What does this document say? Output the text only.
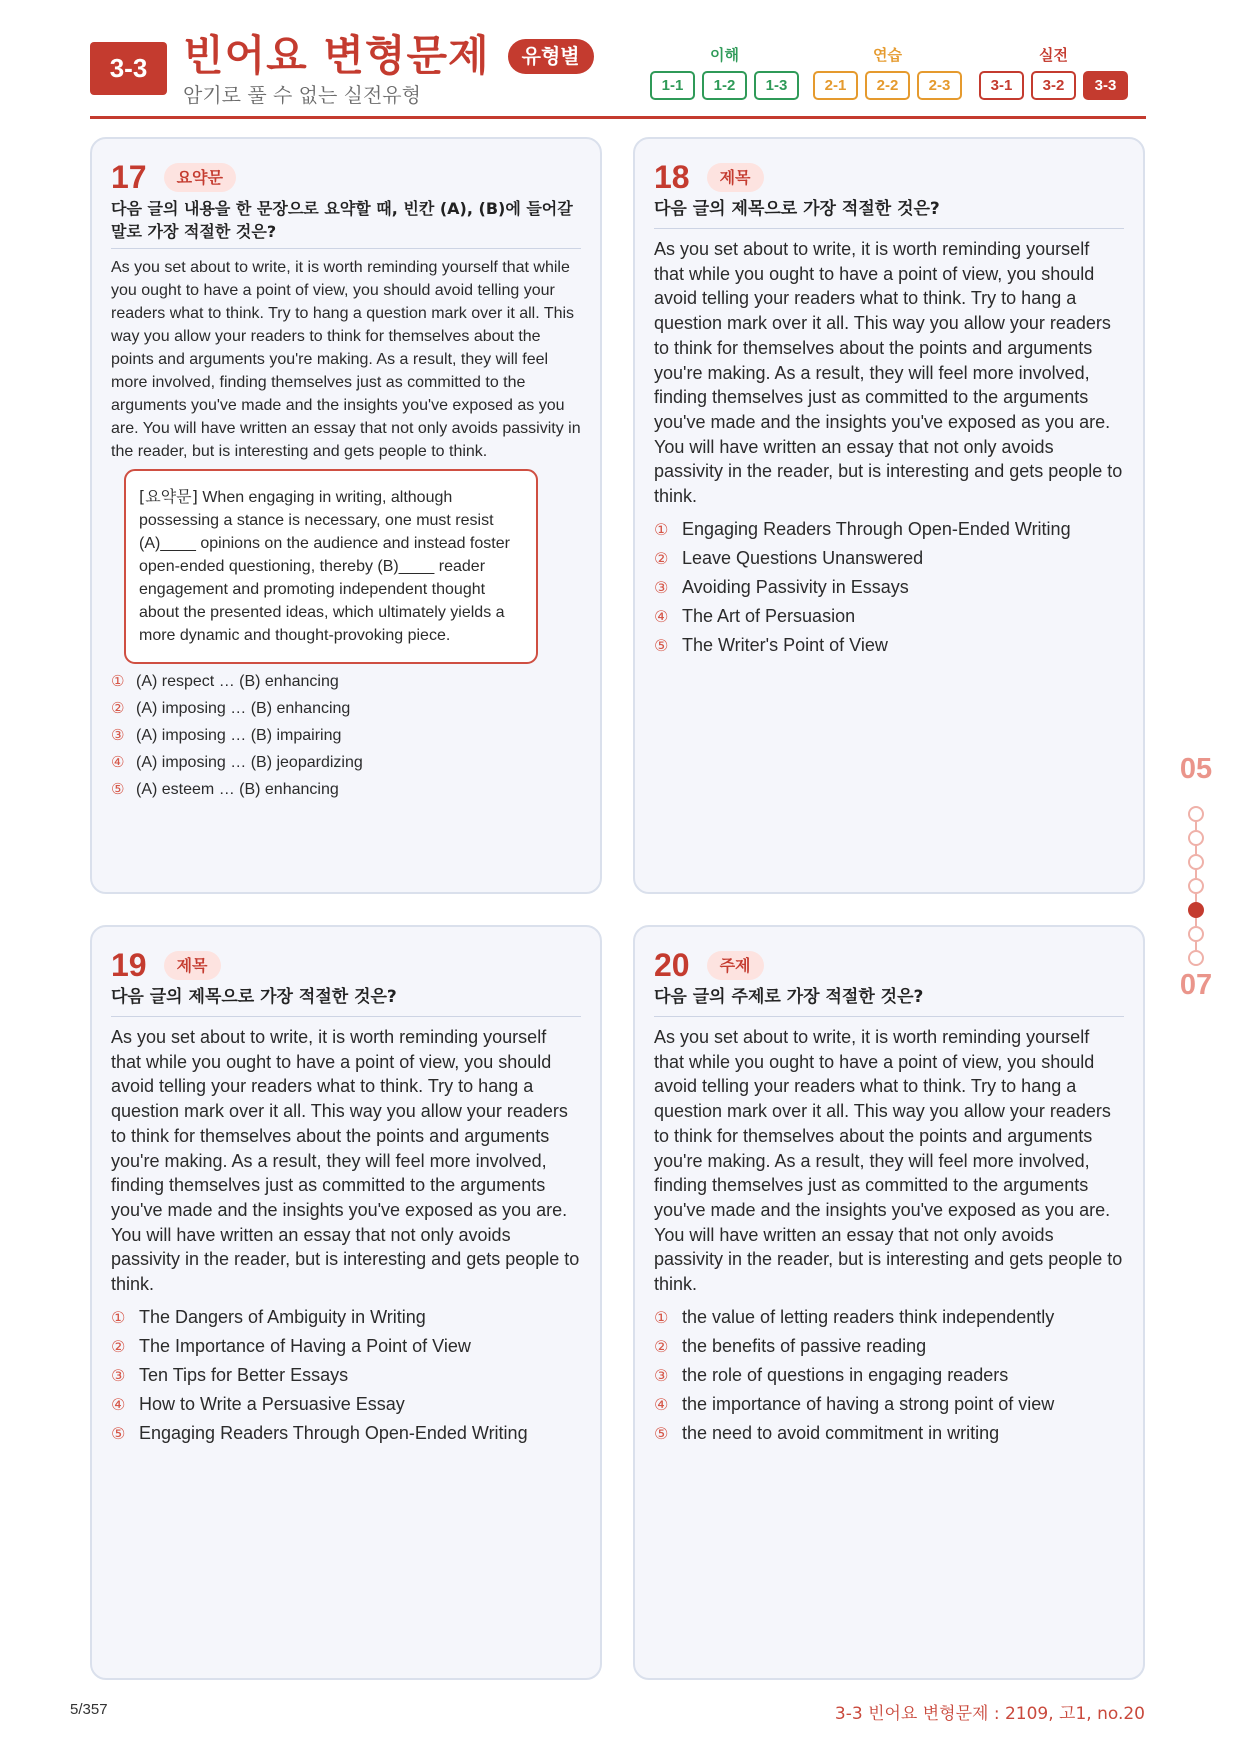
3-3 빈어요 변형문제	유형별
암기로 풀 수 없는 실전유형
이해
1-1	1-2	1-3
연습
2-1	2-2	2-3
실전
3-1	3-2	3-3
17	요약문
다음 글의 내용을 한 문장으로 요약할 때, 빈칸 (A), (B)에 들어갈 말로 가장 적절한 것은?

As you set about to write, it is worth reminding yourself that while you ought to have a point of view, you should avoid telling your readers what to think. Try to hang a question mark over it all. This way you allow your readers to think for themselves about the points and arguments you're making. As a result, they will feel more involved, finding themselves just as committed to the arguments you've made and the insights you've exposed as you are. You will have written an essay that not only avoids passivity in the reader, but is interesting and gets people to think.

[요약문] When engaging in writing, although possessing a stance is necessary, one must resist (A)____ opinions on the audience and instead foster open-ended questioning, thereby (B)____ reader engagement and promoting independent thought about the presented ideas, which ultimately yields a more dynamic and thought-provoking piece.
① (A) respect … (B) enhancing
② (A) imposing … (B) enhancing
③ (A) imposing … (B) impairing
④ (A) imposing … (B) jeopardizing
⑤ (A) esteem … (B) enhancing
18	제목
다음 글의 제목으로 가장 적절한 것은?

As you set about to write, it is worth reminding yourself that while you ought to have a point of view, you should avoid telling your readers what to think. Try to hang a question mark over it all. This way you allow your readers to think for themselves about the points and arguments you're making. As a result, they will feel more involved, finding themselves just as committed to the arguments you've made and the insights you've exposed as you are. You will have written an essay that not only avoids passivity in the reader, but is interesting and gets people to think.

① Engaging Readers Through Open-Ended Writing
② Leave Questions Unanswered
③ Avoiding Passivity in Essays
④ The Art of Persuasion
⑤ The Writer's Point of View
19	제목
다음 글의 제목으로 가장 적절한 것은?

As you set about to write, it is worth reminding yourself that while you ought to have a point of view, you should avoid telling your readers what to think. Try to hang a question mark over it all. This way you allow your readers to think for themselves about the points and arguments you're making. As a result, they will feel more involved, finding themselves just as committed to the arguments you've made and the insights you've exposed as you are. You will have written an essay that not only avoids passivity in the reader, but is interesting and gets people to think.

① The Dangers of Ambiguity in Writing
② The Importance of Having a Point of View
③ Ten Tips for Better Essays
④ How to Write a Persuasive Essay
⑤ Engaging Readers Through Open-Ended Writing
20	주제
다음 글의 주제로 가장 적절한 것은?

As you set about to write, it is worth reminding yourself that while you ought to have a point of view, you should avoid telling your readers what to think. Try to hang a question mark over it all. This way you allow your readers to think for themselves about the points and arguments you're making. As a result, they will feel more involved, finding themselves just as committed to the arguments you've made and the insights you've exposed as you are. You will have written an essay that not only avoids passivity in the reader, but is interesting and gets people to think.

① the value of letting readers think independently
② the benefits of passive reading
③ the role of questions in engaging readers
④ the importance of having a strong point of view
⑤ the need to avoid commitment in writing
05
07
5/357	3-3 빈어요 변형문제 : 2109, 고1, no.20
